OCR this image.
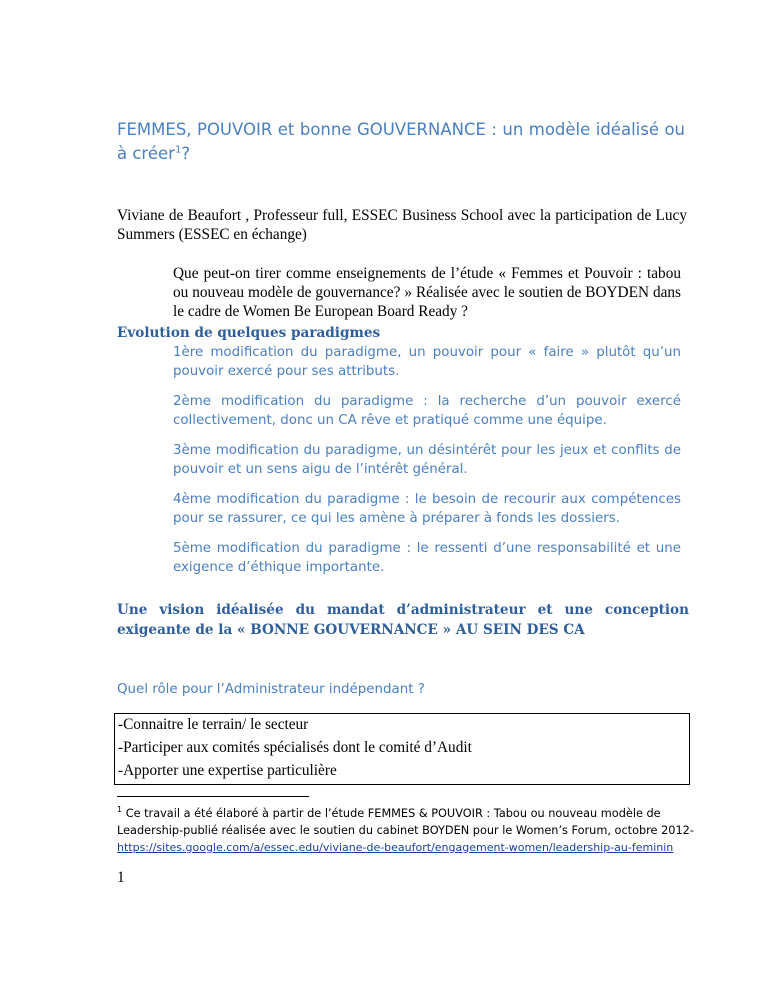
FEMMES, POUVOIR et bonne GOUVERNANCE : un modèle idéalisé ou à créer$^1$?
Viviane de Beaufort , Professeur full, ESSEC Business School avec la participation de Lucy Summers (ESSEC en échange)
Que peut-on tirer comme enseignements de l’étude « Femmes et Pouvoir : tabou ou nouveau modèle de gouvernance? » Réalisée avec le soutien de BOYDEN dans le cadre de Women Be European Board Ready ?
Evolution de quelques paradigmes
1ère modification du paradigme, un pouvoir pour « faire » plutôt qu’un pouvoir exercé pour ses attributs.
2ème modification du paradigme : la recherche d’un pouvoir exercé collectivement, donc un CA rêve et pratiqué comme une équipe.
3ème modification du paradigme, un désintérêt pour les jeux et conflits de pouvoir et un sens aigu de l’intérêt général.
4ème modification du paradigme : le besoin de recourir aux compétences pour se rassurer, ce qui les amène à préparer à fonds les dossiers.
5ème modification du paradigme : le ressenti d’une responsabilité et une exigence d’éthique importante.
Une vision idéalisée du mandat d’administrateur et une conception exigeante de la « BONNE GOUVERNANCE » AU SEIN DES CA
Quel rôle pour l’Administrateur indépendant ?
-Connaitre le terrain/ le secteur
-Participer aux comités spécialisés dont le comité d’Audit
-Apporter une expertise particulière
$^1$ Ce travail a été élaboré à partir de l’étude FEMMES & POUVOIR : Tabou ou nouveau modèle de Leadership-publié réalisée avec le soutien du cabinet BOYDEN pour le Women’s Forum, octobre 2012-
https://sites.google.com/a/essec.edu/viviane-de-beaufort/engagement-women/leadership-au-feminin
1
